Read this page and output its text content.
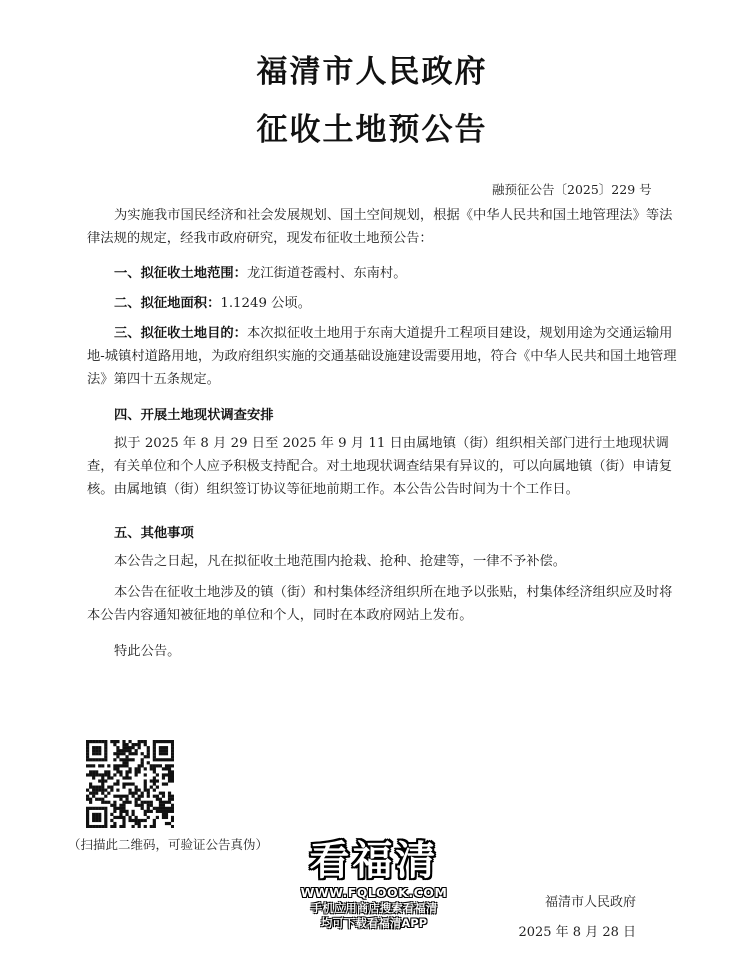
福清市人民政府
征收土地预公告
融预征公告〔2025〕229 号

为实施我市国民经济和社会发展规划、国土空间规划，根据《中华人民共和国土地管理法》等法律法规的规定，经我市政府研究，现发布征收土地预公告：

一、拟征收土地范围：龙江街道苍霞村、东南村。

二、拟征地面积：1.1249 公顷。

三、拟征收土地目的：本次拟征收土地用于东南大道提升工程项目建设，规划用途为交通运输用地-城镇村道路用地，为政府组织实施的交通基础设施建设需要用地，符合《中华人民共和国土地管理法》第四十五条规定。

四、开展土地现状调查安排

拟于 2025 年 8 月 29 日至 2025 年 9 月 11 日由属地镇（街）组织相关部门进行土地现状调查，有关单位和个人应予积极支持配合。对土地现状调查结果有异议的，可以向属地镇（街）申请复核。由属地镇（街）组织签订协议等征地前期工作。本公告公告时间为十个工作日。

五、其他事项

本公告之日起，凡在拟征收土地范围内抢栽、抢种、抢建等，一律不予补偿。

本公告在征收土地涉及的镇（街）和村集体经济组织所在地予以张贴，村集体经济组织应及时将本公告内容通知被征地的单位和个人，同时在本政府网站上发布。

特此公告。

（扫描此二维码，可验证公告真伪）	看福清
WWW.FQLOOK.COM
手机应用商店搜索看福清
均可下载看福清APP
福清市人民政府
2025 年 8 月 28 日
